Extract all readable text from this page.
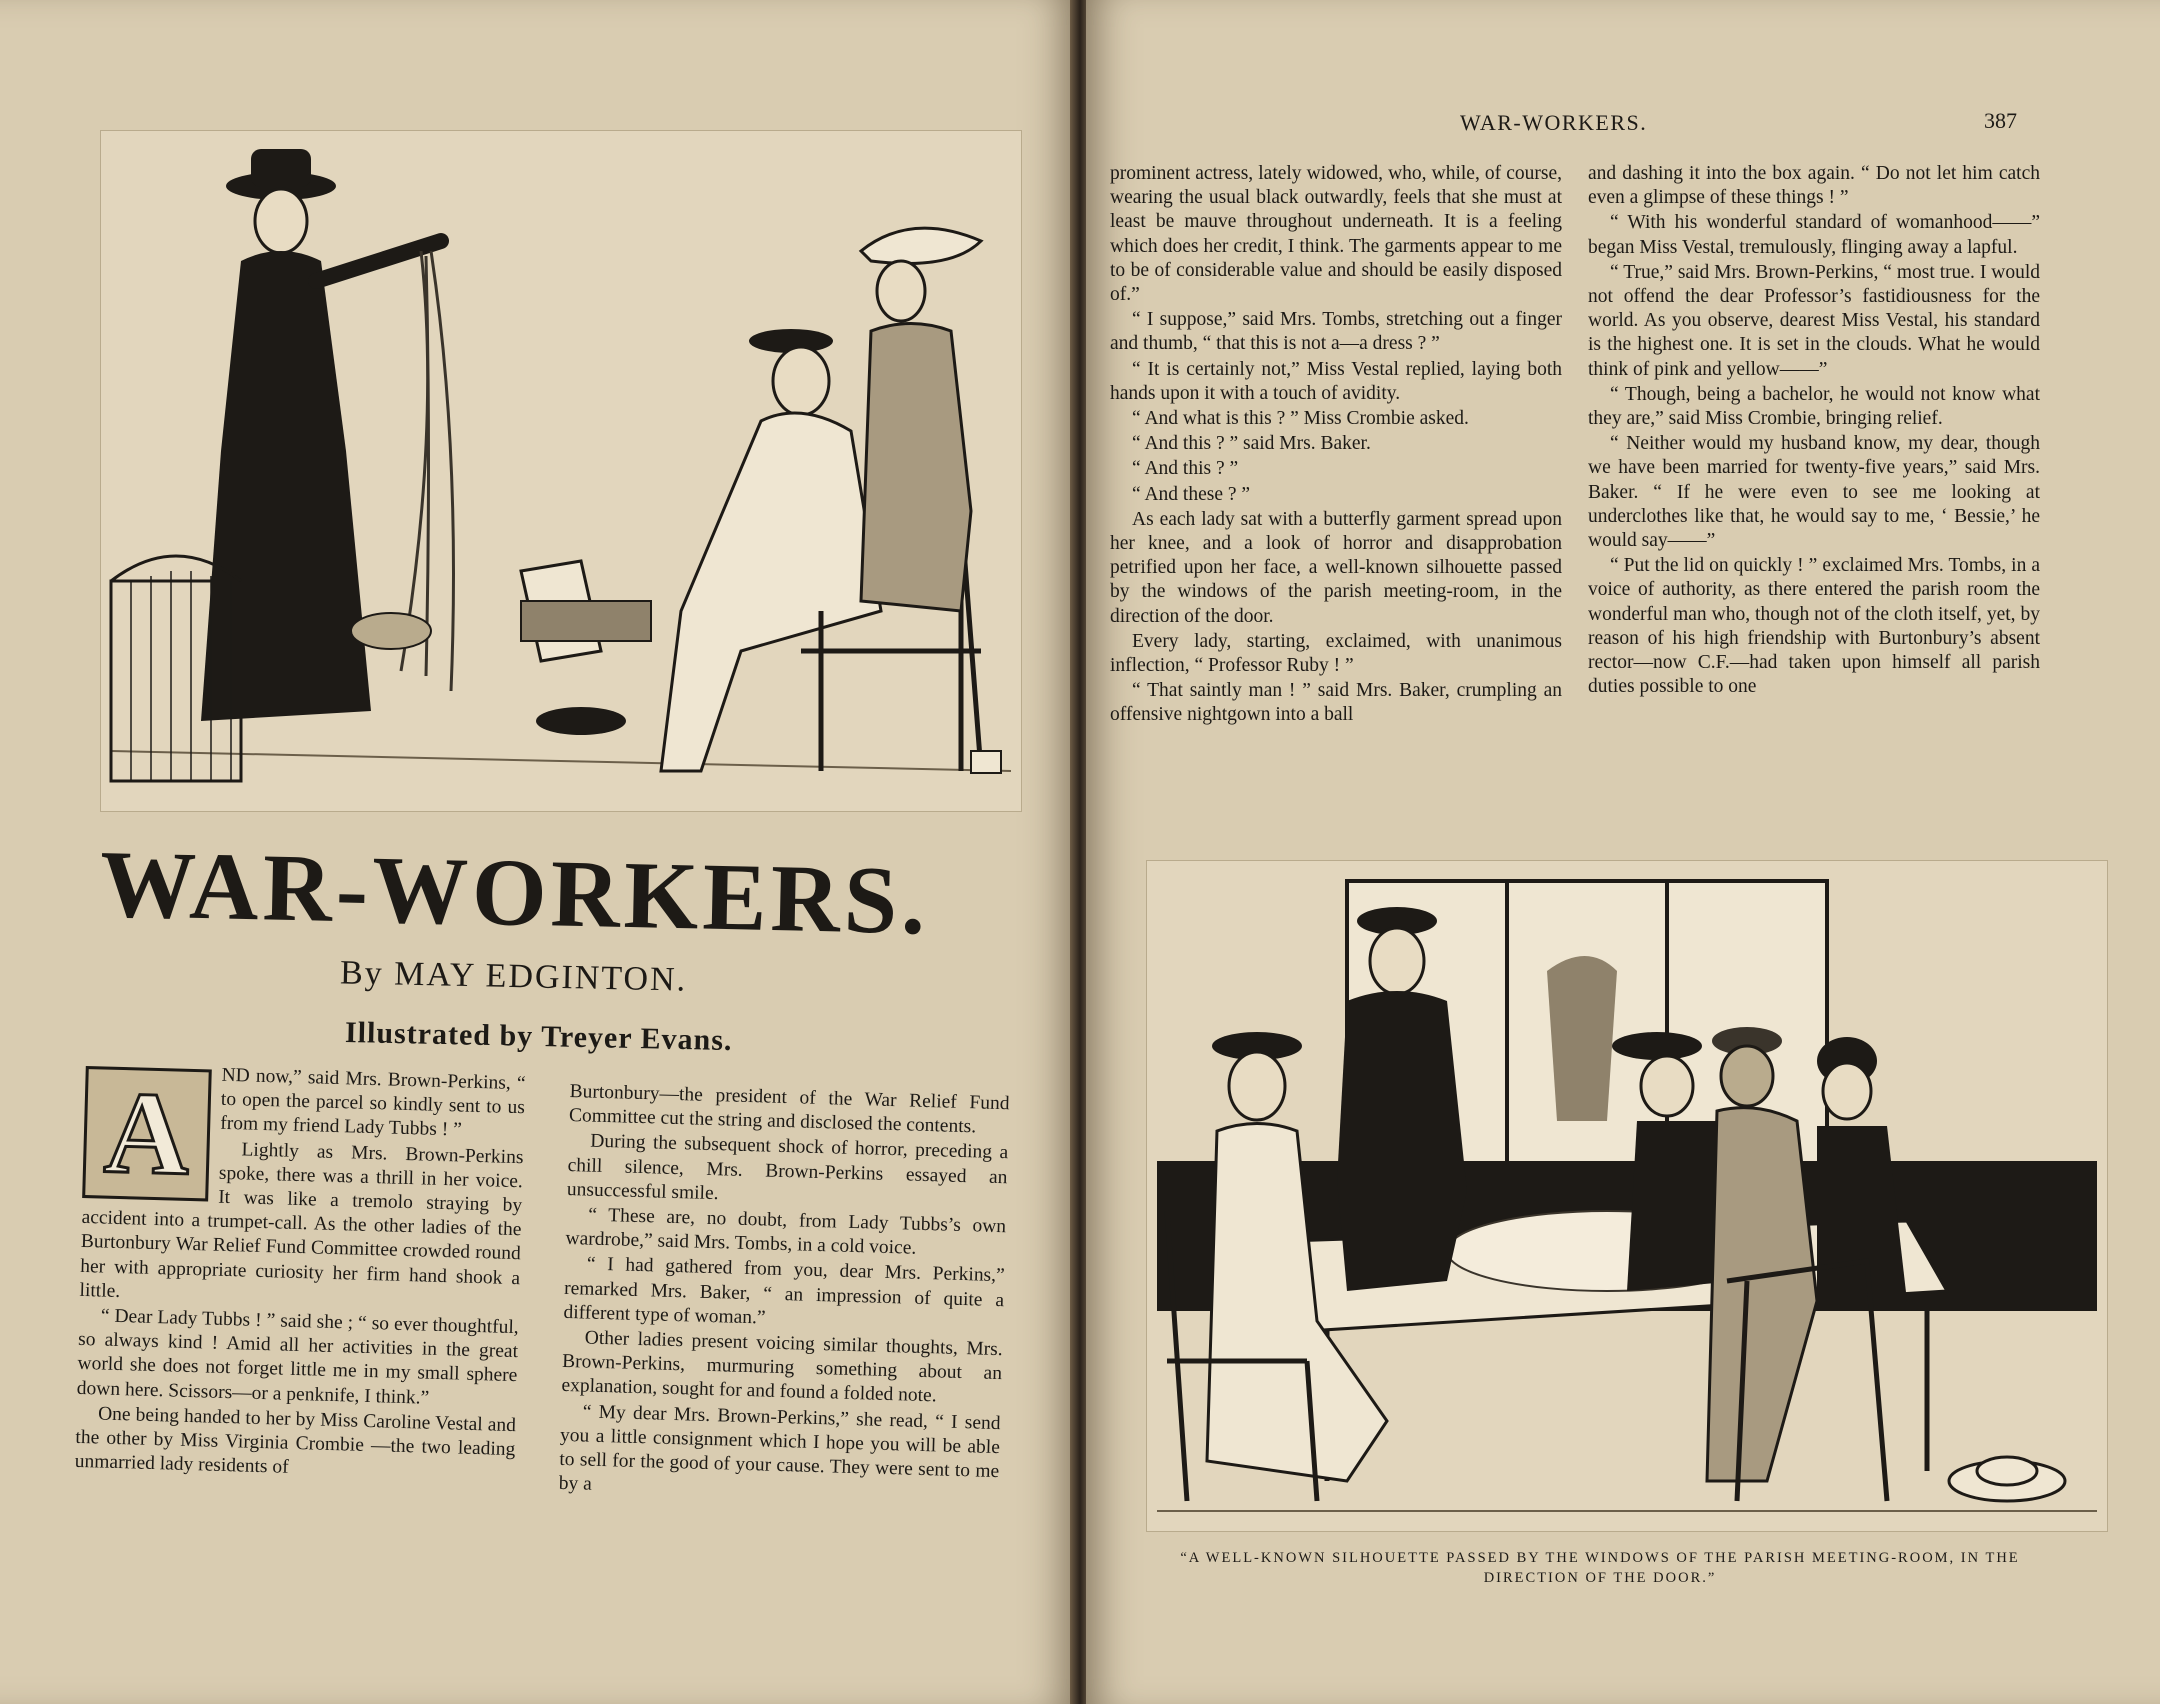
WAR-WORKERS.
By MAY EDGINTON.
Illustrated by Treyer Evans.
A	ND now,” said Mrs. Brown-Perkins, “ to open the parcel so kindly sent to us from my friend Lady Tubbs ! ”

Lightly as Mrs. Brown-Perkins spoke, there was a thrill in her voice. It was like a tremolo straying by accident into a trumpet-call. As the other ladies of the Burtonbury War Relief Fund Committee crowded round her with appropriate curiosity her firm hand shook a little.

“ Dear Lady Tubbs ! ” said she ; “ so ever thoughtful, so always kind ! Amid all her activities in the great world she does not forget little me in my small sphere down here. Scissors—or a penknife, I think.”

One being handed to her by Miss Caroline Vestal and the other by Miss Virginia Crombie —the two leading unmarried lady residents of

Burtonbury—the president of the War Relief Fund Committee cut the string and disclosed the contents.

During the subsequent shock of horror, preceding a chill silence, Mrs. Brown-Perkins essayed an unsuccessful smile.

“ These are, no doubt, from Lady Tubbs’s own wardrobe,” said Mrs. Tombs, in a cold voice.

“ I had gathered from you, dear Mrs. Perkins,” remarked Mrs. Baker, “ an impression of quite a different type of woman.”

Other ladies present voicing similar thoughts, Mrs. Brown-Perkins, murmuring something about an explanation, sought for and found a folded note.

“ My dear Mrs. Brown-Perkins,” she read, “ I send you a little consignment which I hope you will be able to sell for the good of your cause. They were sent to me by a

WAR-WORKERS.	387

prominent actress, lately widowed, who, while, of course, wearing the usual black outwardly, feels that she must at least be mauve throughout underneath. It is a feeling which does her credit, I think. The garments appear to me to be of considerable value and should be easily disposed of.”

“ I suppose,” said Mrs. Tombs, stretching out a finger and thumb, “ that this is not a—a dress ? ”

“ It is certainly not,” Miss Vestal replied, laying both hands upon it with a touch of avidity.

“ And what is this ? ” Miss Crombie asked.

“ And this ? ” said Mrs. Baker.

“ And this ? ”

“ And these ? ”

As each lady sat with a butterfly garment spread upon her knee, and a look of horror and disapprobation petrified upon her face, a well-known silhouette passed by the windows of the parish meeting-room, in the direction of the door.

Every lady, starting, exclaimed, with unanimous inflection, “ Professor Ruby ! ”

“ That saintly man ! ” said Mrs. Baker, crumpling an offensive nightgown into a ball

and dashing it into the box again. “ Do not let him catch even a glimpse of these things ! ”

“ With his wonderful standard of womanhood——” began Miss Vestal, tremulously, flinging away a lapful.

“ True,” said Mrs. Brown-Perkins, “ most true. I would not offend the dear Professor’s fastidiousness for the world. As you observe, dearest Miss Vestal, his standard is the highest one. It is set in the clouds. What he would think of pink and yellow——”

“ Though, being a bachelor, he would not know what they are,” said Miss Crombie, bringing relief.

“ Neither would my husband know, my dear, though we have been married for twenty-five years,” said Mrs. Baker. “ If he were even to see me looking at underclothes like that, he would say to me, ‘ Bessie,’ he would say——”

“ Put the lid on quickly ! ” exclaimed Mrs. Tombs, in a voice of authority, as there entered the parish room the wonderful man who, though not of the cloth itself, yet, by reason of his high friendship with Burtonbury’s absent rector—now C.F.—had taken upon himself all parish duties possible to one

“A WELL-KNOWN SILHOUETTE PASSED BY THE WINDOWS OF THE PARISH MEETING-ROOM, IN THE DIRECTION OF THE DOOR.”
